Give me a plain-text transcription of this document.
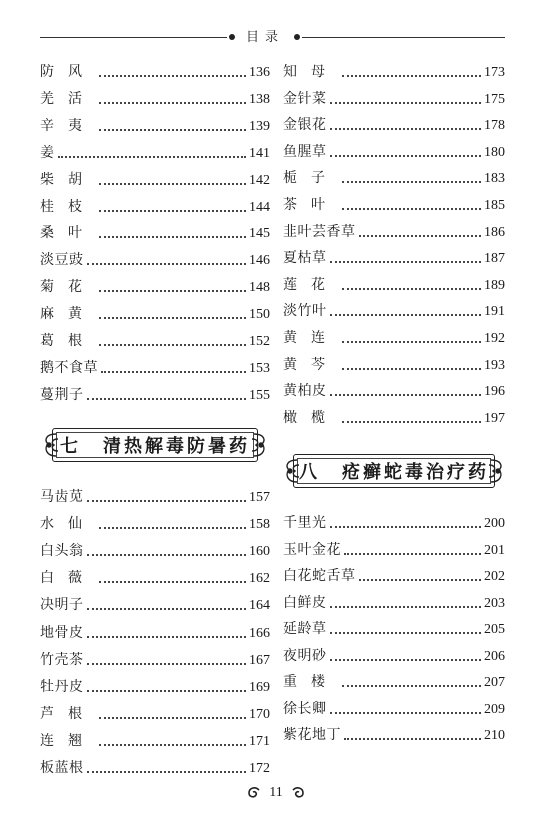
目录
防风	136
羌活	138
辛夷	139
姜	141
柴胡	142
桂枝	144
桑叶	145
淡豆豉	146
菊花	148
麻黄	150
葛根	152
鹅不食草	153
蔓荆子	155
七 清热解毒防暑药
马齿苋	157
水仙	158
白头翁	160
白薇	162
决明子	164
地骨皮	166
竹壳茶	167
牡丹皮	169
芦根	170
连翘	171
板蓝根	172
知母	173
金针菜	175
金银花	178
鱼腥草	180
栀子	183
茶叶	185
韭叶芸香草	186
夏枯草	187
莲花	189
淡竹叶	191
黄连	192
黄芩	193
黄柏皮	196
橄榄	197
八 疮癣蛇毒治疗药
千里光	200
玉叶金花	201
白花蛇舌草	202
白鲜皮	203
延龄草	205
夜明砂	206
重楼	207
徐长卿	209
紫花地丁	210
11
